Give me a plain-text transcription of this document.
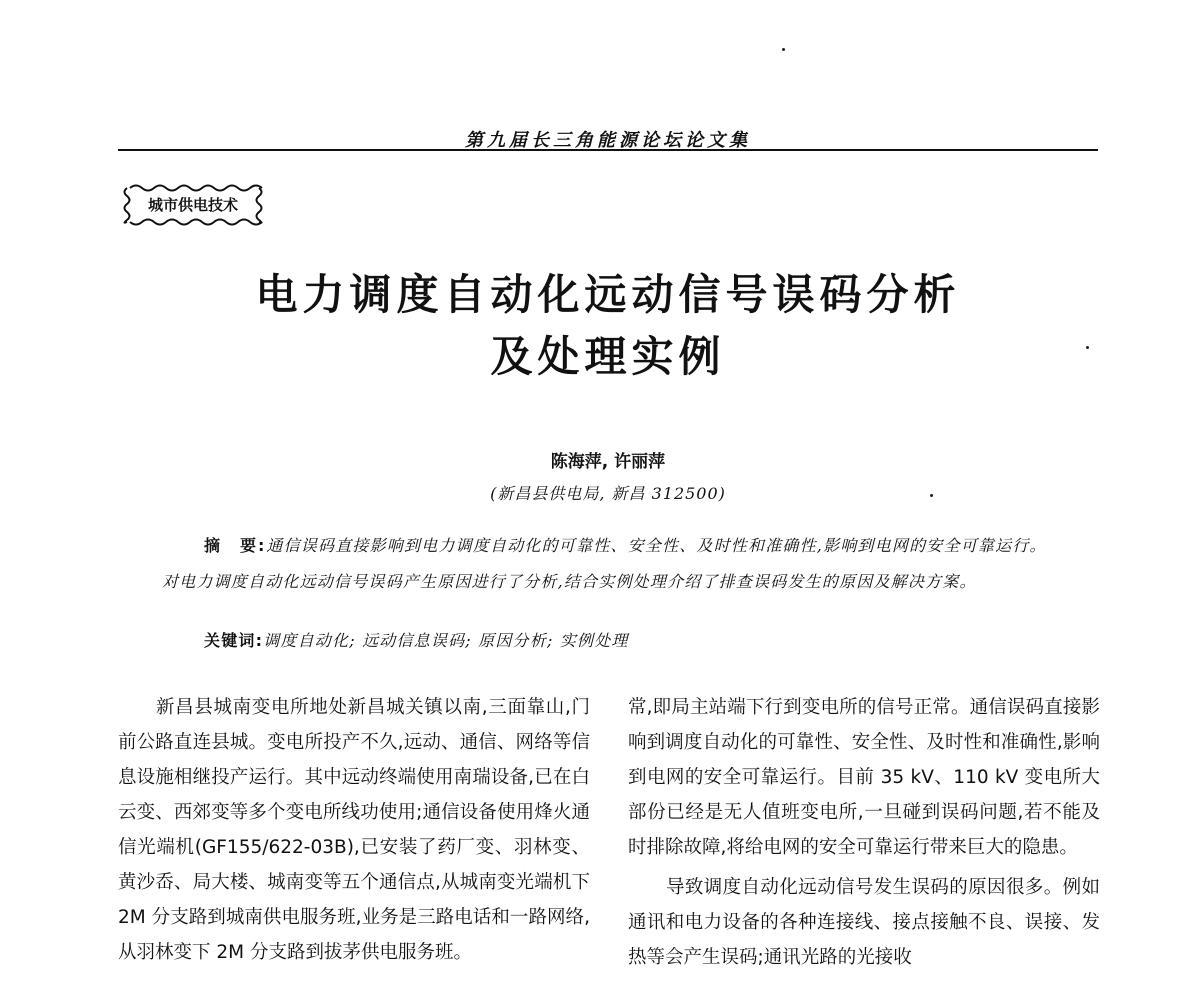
第九届长三角能源论坛论文集
城市供电技术
电力调度自动化远动信号误码分析
及处理实例
陈海萍, 许丽萍
(新昌县供电局, 新昌 312500)
摘　要:通信误码直接影响到电力调度自动化的可靠性、安全性、及时性和准确性,影响到电网的安全可靠运行。对电力调度自动化远动信号误码产生原因进行了分析,结合实例处理介绍了排查误码发生的原因及解决方案。
关键词:调度自动化; 远动信息误码; 原因分析; 实例处理

新昌县城南变电所地处新昌城关镇以南,三面靠山,门前公路直连县城。变电所投产不久,远动、通信、网络等信息设施相继投产运行。其中远动终端使用南瑞设备,已在白云变、西郊变等多个变电所线功使用;通信设备使用烽火通信光端机(GF155/622-03B),已安装了药厂变、羽林变、黄沙岙、局大楼、城南变等五个通信点,从城南变光端机下 2M 分支路到城南供电服务班,业务是三路电话和一路网络,从羽林变下 2M 分支路到拔茅供电服务班。

常,即局主站端下行到变电所的信号正常。通信误码直接影响到调度自动化的可靠性、安全性、及时性和准确性,影响到电网的安全可靠运行。目前 35 kV、110 kV 变电所大部份已经是无人值班变电所,一旦碰到误码问题,若不能及时排除故障,将给电网的安全可靠运行带来巨大的隐患。

导致调度自动化远动信号发生误码的原因很多。例如通讯和电力设备的各种连接线、接点接触不良、误接、发热等会产生误码;通讯光路的光接收
